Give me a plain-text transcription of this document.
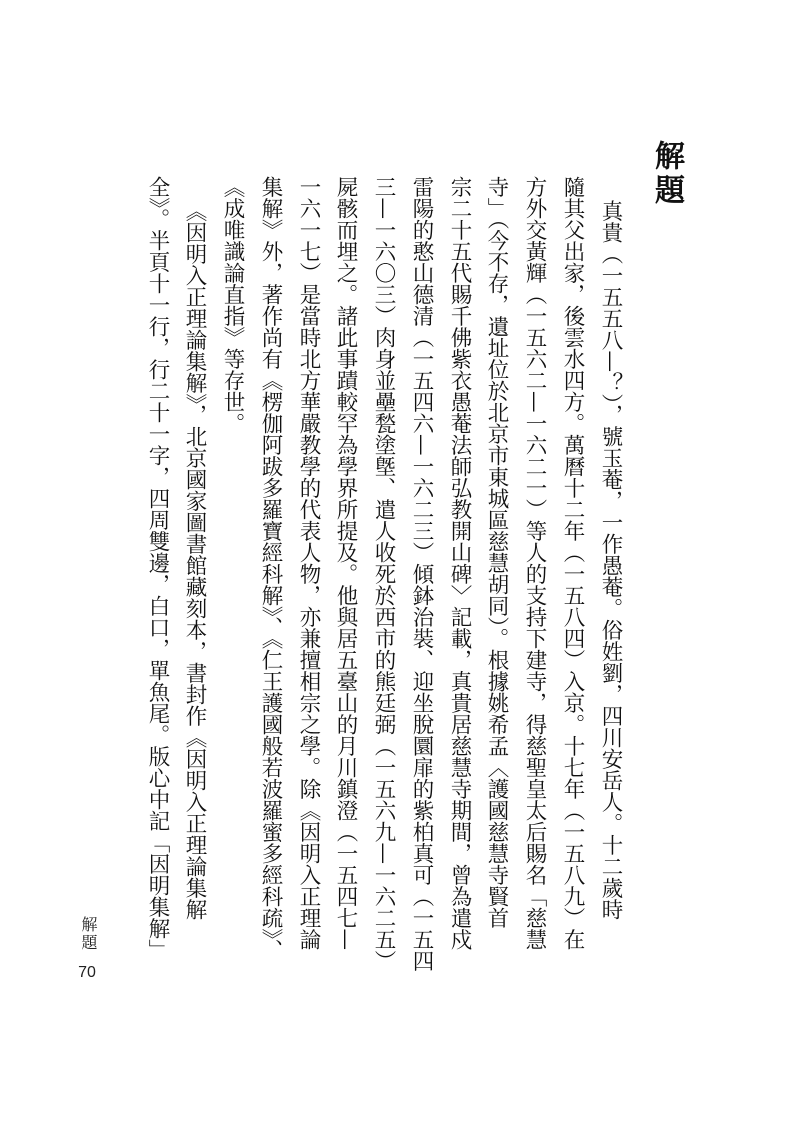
解題
真貴（一五五八—？），號玉菴，一作愚菴。俗姓劉，四川安岳人。十二歲時
隨其父出家，後雲水四方。萬曆十二年（一五八四）入京。十七年（一五八九）在
方外交黃輝（一五六二—一六二一）等人的支持下建寺，得慈聖皇太后賜名「慈慧
寺」（今不存，遺址位於北京市東城區慈慧胡同）。根據姚希孟〈護國慈慧寺賢首
宗二十五代賜千佛紫衣愚菴法師弘教開山碑〉記載，真貴居慈慧寺期間，曾為遣戍
雷陽的憨山德清（一五四六—一六二三）傾鉢治裝、迎坐脫圜扉的紫柏真可（一五四
三—一六〇三）肉身並壘甃塗墍、遣人收死於西市的熊廷弼（一五六九—一六二五）
屍骸而埋之。諸此事蹟較罕為學界所提及。他與居五臺山的月川鎮澄（一五四七—
一六一七）是當時北方華嚴教學的代表人物，亦兼擅相宗之學。除《因明入正理論
集解》外，著作尚有《楞伽阿跋多羅寶經科解》、《仁王護國般若波羅蜜多經科疏》、
《成唯識論直指》等存世。
《因明入正理論集解》，北京國家圖書館藏刻本，書封作《因明入正理論集解
全》。半頁十一行，行二十一字，四周雙邊，白口，單魚尾。版心中記「因明集解」
解題
70
